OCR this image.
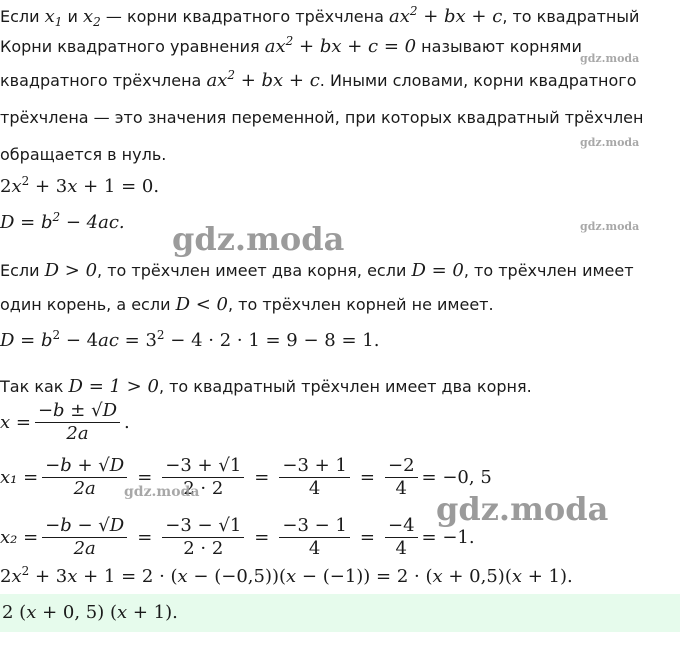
Если $x_1$ и $x_2$ — корни квадратного трёхчлена $ax^2$ + bx + c, то квадратный
Корни квадратного уравнения $ax^2$ + bx + c = 0 называют корнями
квадратного трёхчлена $ax^2$ + bx + c. Иными словами, корни квадратного
трёхчлена — это значения переменной, при которых квадратный трёхчлен
обращается в нуль.
$2x^2 + 3x + 1 = 0$.
$D = b^2 - 4ac$.
Если D > 0, то трёхчлен имеет два корня, если D = 0, то трёхчлен имеет
один корень, а если D < 0, то трёхчлен корней не имеет.
$D = b^2 - 4ac = 3^2 - 4 \cdot 2 \cdot 1 = 9 - 8 = 1$.
Так как D = 1 > 0, то квадратный трёхчлен имеет два корня.
$x = \frac{-b \pm √D}{2a}$ .
$x_1 = \frac{-b + √D}{2a} = \frac{-3 + √1}{2 \cdot 2} = \frac{-3 + 1}{4} = \frac{-2}{4} = -0$, 5
$x_2 = \frac{-b - √D}{2a} = \frac{-3 - √1}{2 \cdot 2} = \frac{-3 - 1}{4} = \frac{-4}{4} = -1$.
$2x^2 + 3x + 1 = 2 \cdot (x - (-0,5))(x - (-1)) = 2 \cdot (x + 0,5)(x + 1)$.
2 (x + 0, 5) (x + 1).
gdz.moda
gdz.moda
gdz.moda
gdz.moda
gdz.moda	gdz.moda
